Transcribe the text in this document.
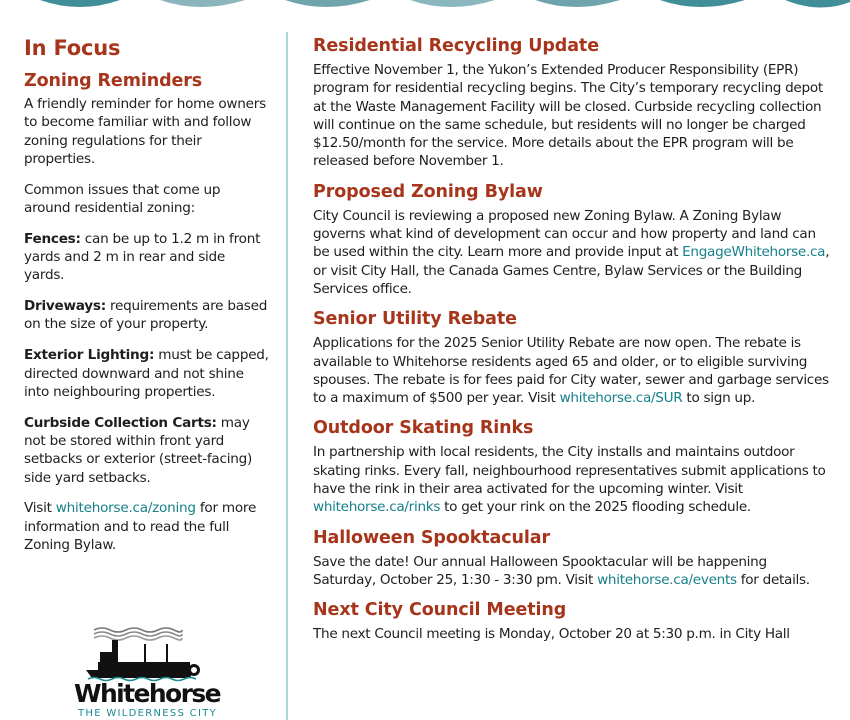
In Focus
Zoning Reminders

A friendly reminder for home owners to become familiar with and follow zoning regulations for their properties.

Common issues that come up around residential zoning:

Fences: can be up to 1.2 m in front yards and 2 m in rear and side yards.

Driveways: requirements are based on the size of your property.

Exterior Lighting: must be capped, directed downward and not shine into neighbouring properties.

Curbside Collection Carts: may not be stored within front yard setbacks or exterior (street-facing) side yard setbacks.

Visit whitehorse.ca/zoning for more information and to read the full Zoning Bylaw.

Whitehorse
THE WILDERNESS CITY
Residential Recycling Update

Effective November 1, the Yukon’s Extended Producer Responsibility (EPR) program for residential recycling begins. The City’s temporary recycling depot at the Waste Management Facility will be closed. Curbside recycling collection will continue on the same schedule, but residents will no longer be charged $12.50/month for the service. More details about the EPR program will be released before November 1.

Proposed Zoning Bylaw

City Council is reviewing a proposed new Zoning Bylaw. A Zoning Bylaw governs what kind of development can occur and how property and land can be used within the city. Learn more and provide input at EngageWhitehorse.ca, or visit City Hall, the Canada Games Centre, Bylaw Services or the Building Services office.

Senior Utility Rebate

Applications for the 2025 Senior Utility Rebate are now open. The rebate is available to Whitehorse residents aged 65 and older, or to eligible surviving spouses. The rebate is for fees paid for City water, sewer and garbage services to a maximum of $500 per year. Visit whitehorse.ca/SUR to sign up.

Outdoor Skating Rinks

In partnership with local residents, the City installs and maintains outdoor skating rinks. Every fall, neighbourhood representatives submit applications to have the rink in their area activated for the upcoming winter. Visit whitehorse.ca/rinks to get your rink on the 2025 flooding schedule.

Halloween Spooktacular

Save the date! Our annual Halloween Spooktacular will be happening Saturday, October 25, 1:30 - 3:30 pm. Visit whitehorse.ca/events for details.

Next City Council Meeting

The next Council meeting is Monday, October 20 at 5:30 p.m. in City Hall
